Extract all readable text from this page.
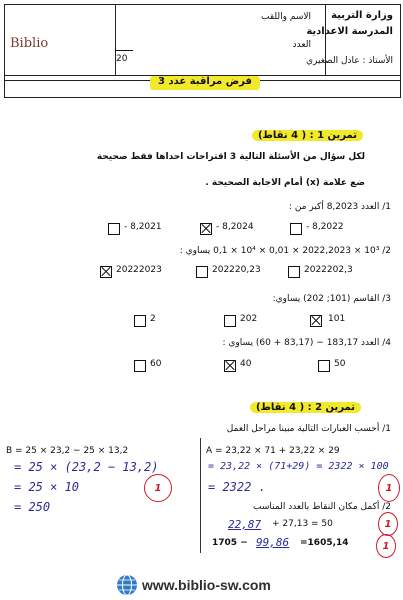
وزارة التربية
المدرسة الاعدادية
الأستاذ : عادل الصغيري
الاسم واللقب
العدد
20
Biblio
فرض مراقبة عدد 3
تمرين 1 : ( 4 نقاط)
لكل سؤال من الأسئلة التالية 3 اقتراحات احداها فقط صحيحة
ضع علامة (x) أمام الاجابة الصحيحة .
1/ العدد 8,2023 أكبر من :
- 8,2021	- 8,2024	- 8,2022
2/ 10³ × 2022,2023 × 0,01 × 10⁴ × 0,1 يساوي :
20222023	202220,23	2022202,3
3/ القاسم (101; 202) يساوي:
2	202	101
4/ العدد 183,17 − (83,17 + 60) يساوي :
60	40	50
تمرين 2 : ( 4 نقاط)
1/ أحسب العبارات التالية مبينا مراحل العمل
B = 25 × 23,2 − 25 × 13,2
= 25 × (23,2 − 13,2)
= 25 × 10
= 250
1
A = 23,22 × 71 + 23,22 × 29
= 23,22 × (71+29) = 2322 × 100
= 2322 .	1
2/ أكمل مكان النقاط بالعدد المناسب
22,87 + 27,13 = 50	1
1705 − 99,86 =1605,14	1
www.biblio-sw.com
